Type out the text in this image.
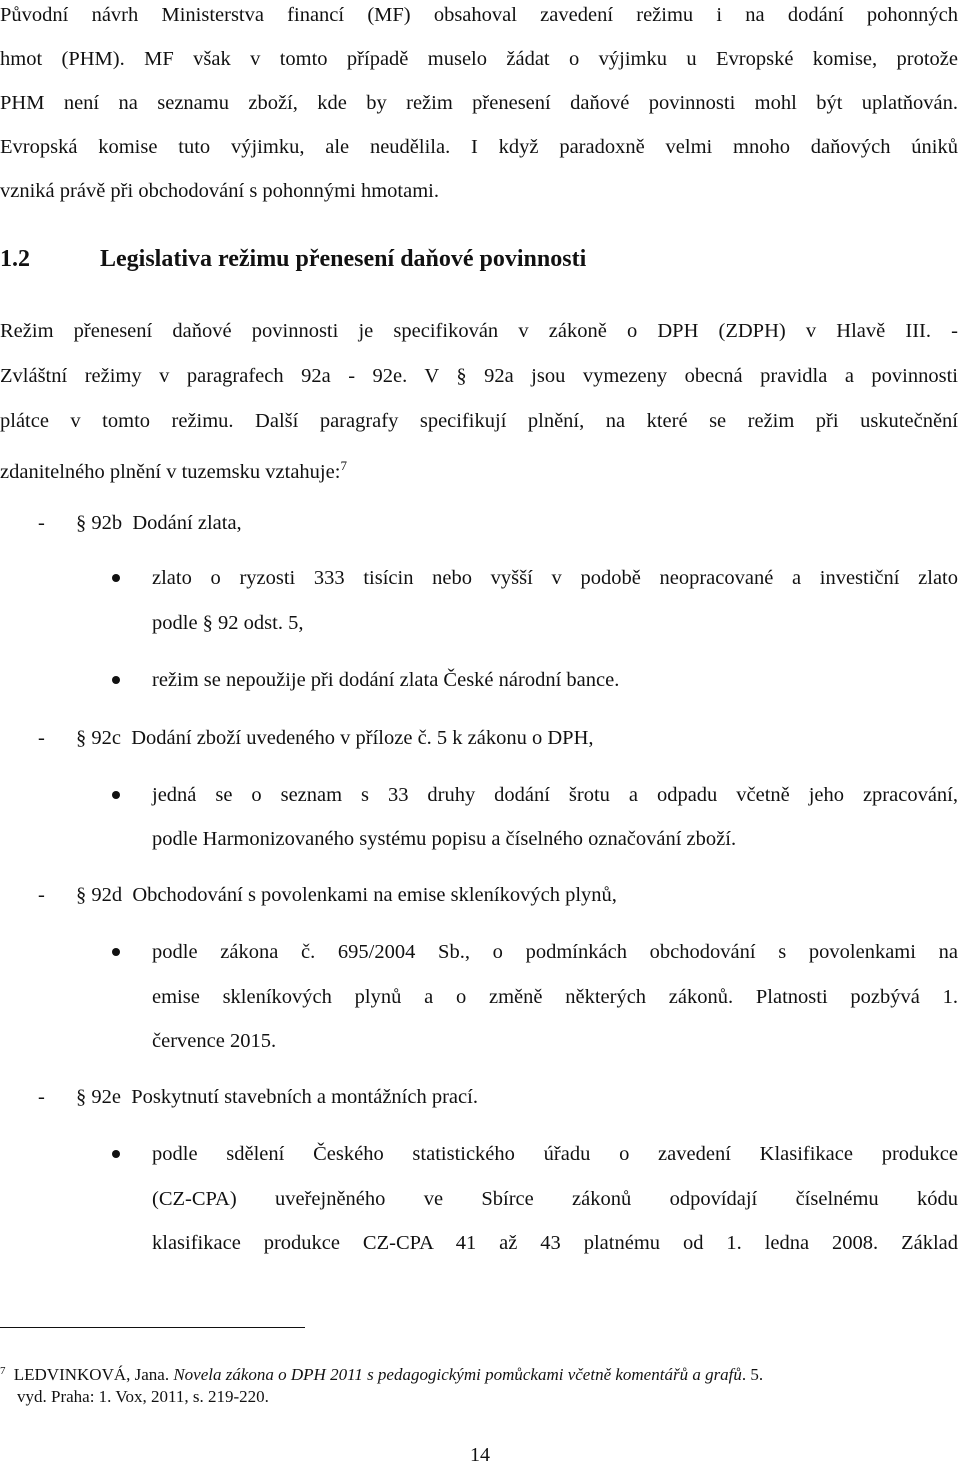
Původní návrh Ministerstva financí (MF) obsahoval zavedení režimu i na dodání pohonných
hmot (PHM). MF však v tomto případě muselo žádat o výjimku u Evropské komise, protože
PHM není na seznamu zboží, kde by režim přenesení daňové povinnosti mohl být uplatňován.
Evropská komise tuto výjimku, ale neudělila. I když paradoxně velmi mnoho daňových úniků
vzniká právě při obchodování s pohonnými hmotami.
1.2	Legislativa režimu přenesení daňové povinnosti
Režim přenesení daňové povinnosti je specifikován v zákoně o DPH (ZDPH) v Hlavě III. -
Zvláštní režimy v paragrafech 92a - 92e. V § 92a jsou vymezeny obecná pravidla a povinnosti
plátce v tomto režimu. Další paragrafy specifikují plnění, na které se režim při uskutečnění
zdanitelného plnění v tuzemsku vztahuje:$^7$
- § 92b Dodání zlata,
zlato o ryzosti 333 tisícin nebo vyšší v podobě neopracované a investiční zlato
podle § 92 odst. 5,
režim se nepoužije při dodání zlata České národní bance.
- § 92c Dodání zboží uvedeného v příloze č. 5 k zákonu o DPH,
jedná se o seznam s 33 druhy dodání šrotu a odpadu včetně jeho zpracování,
podle Harmonizovaného systému popisu a číselného označování zboží.
- § 92d Obchodování s povolenkami na emise skleníkových plynů,
podle zákona č. 695/2004 Sb., o podmínkách obchodování s povolenkami na
emise skleníkových plynů a o změně některých zákonů. Platnosti pozbývá 1.
července 2015.
- § 92e Poskytnutí stavebních a montážních prací.
podle sdělení Českého statistického úřadu o zavedení Klasifikace produkce
(CZ-CPA) uveřejněného ve Sbírce zákonů odpovídají číselnému kódu
klasifikace produkce CZ-CPA 41 až 43 platnému od 1. ledna 2008. Základ
$^7$ LEDVINKOVÁ, Jana. Novela zákona o DPH 2011 s pedagogickými pomůckami včetně komentářů a grafů. 5.
vyd. Praha: 1. Vox, 2011, s. 219-220.
14
